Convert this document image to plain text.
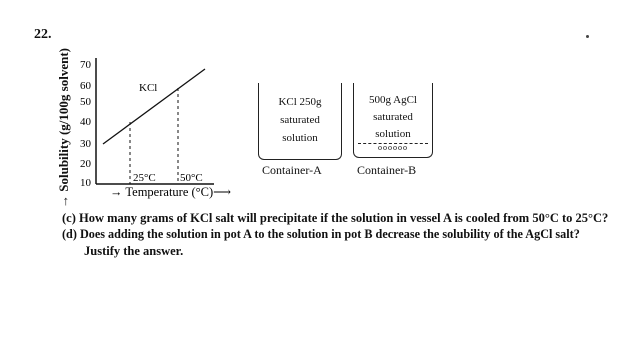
22.
→ Solubility (g/100g solvent) 70
60
50
40
30
20
10
KCl
25°C 50°C
→ Temperature (°C)⟶
KCl 250g
saturated
solution
Container-A
500g AgCl
saturated
solution
oooooo
Container-B
(c) How many grams of KCl salt will precipitate if the solution in vessel A is cooled from 50°C to 25°C?
(d) Does adding the solution in pot A to the solution in pot B decrease the solubility of the AgCl salt?
Justify the answer.
